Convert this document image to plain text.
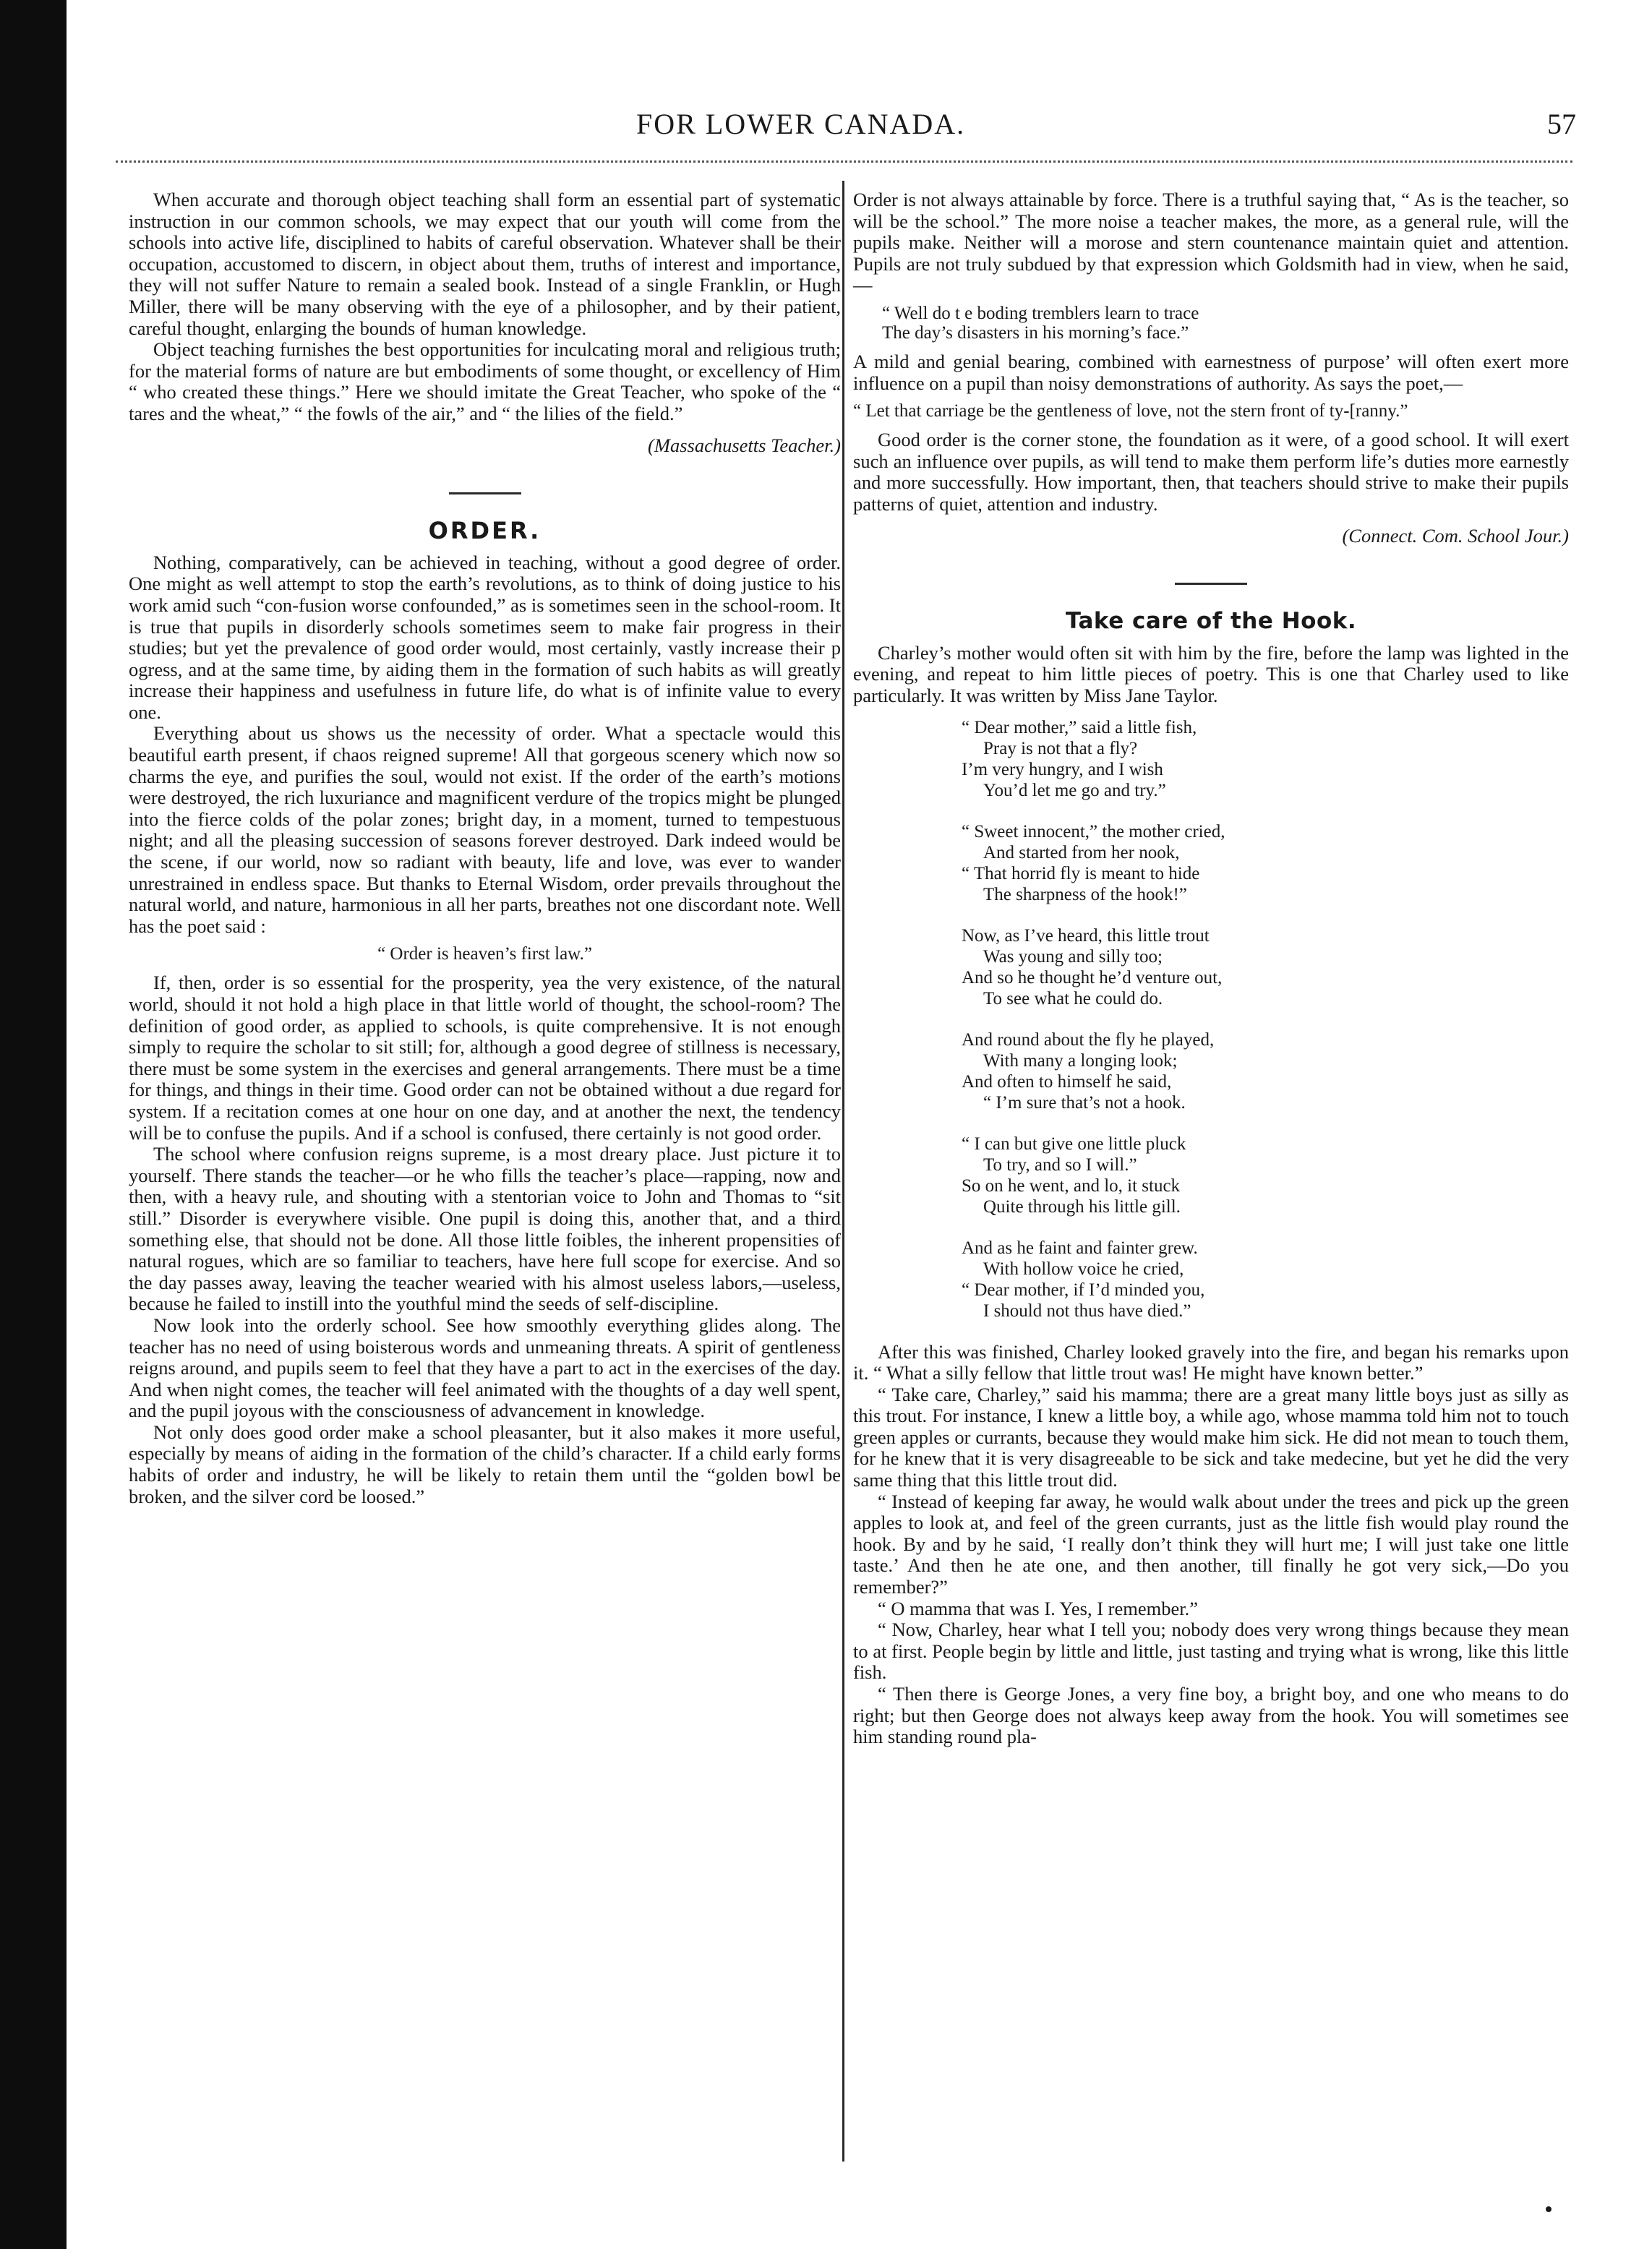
FOR LOWER CANADA.	57

When accurate and thorough object teaching shall form an essential part of systematic instruction in our common schools, we may expect that our youth will come from the schools into active life, disciplined to habits of careful observation. Whatever shall be their occupation, accustomed to discern, in object about them, truths of interest and importance, they will not suffer Nature to remain a sealed book. Instead of a single Franklin, or Hugh Miller, there will be many observing with the eye of a philosopher, and by their patient, careful thought, enlarging the bounds of human knowledge.

Object teaching furnishes the best opportunities for inculcating moral and religious truth; for the material forms of nature are but embodiments of some thought, or excellency of Him “ who created these things.” Here we should imitate the Great Teacher, who spoke of the “ tares and the wheat,” “ the fowls of the air,” and “ the lilies of the field.”

(Massachusetts Teacher.)

ORDER.

Nothing, comparatively, can be achieved in teaching, without a good degree of order. One might as well attempt to stop the earth’s revolutions, as to think of doing justice to his work amid such “con-fusion worse confounded,” as is sometimes seen in the school-room. It is true that pupils in disorderly schools sometimes seem to make fair progress in their studies; but yet the prevalence of good order would, most certainly, vastly increase their p ogress, and at the same time, by aiding them in the formation of such habits as will greatly increase their happiness and usefulness in future life, do what is of infinite value to every one.

Everything about us shows us the necessity of order. What a spectacle would this beautiful earth present, if chaos reigned supreme! All that gorgeous scenery which now so charms the eye, and purifies the soul, would not exist. If the order of the earth’s motions were destroyed, the rich luxuriance and magnificent verdure of the tropics might be plunged into the fierce colds of the polar zones; bright day, in a moment, turned to tempestuous night; and all the pleasing succession of seasons forever destroyed. Dark indeed would be the scene, if our world, now so radiant with beauty, life and love, was ever to wander unrestrained in endless space. But thanks to Eternal Wisdom, order prevails throughout the natural world, and nature, harmonious in all her parts, breathes not one discordant note. Well has the poet said :

“ Order is heaven’s first law.”

If, then, order is so essential for the prosperity, yea the very existence, of the natural world, should it not hold a high place in that little world of thought, the school-room? The definition of good order, as applied to schools, is quite comprehensive. It is not enough simply to require the scholar to sit still; for, although a good degree of stillness is necessary, there must be some system in the exercises and general arrangements. There must be a time for things, and things in their time. Good order can not be obtained without a due regard for system. If a recitation comes at one hour on one day, and at another the next, the tendency will be to confuse the pupils. And if a school is confused, there certainly is not good order.

The school where confusion reigns supreme, is a most dreary place. Just picture it to yourself. There stands the teacher—or he who fills the teacher’s place—rapping, now and then, with a heavy rule, and shouting with a stentorian voice to John and Thomas to “sit still.” Disorder is everywhere visible. One pupil is doing this, another that, and a third something else, that should not be done. All those little foibles, the inherent propensities of natural rogues, which are so familiar to teachers, have here full scope for exercise. And so the day passes away, leaving the teacher wearied with his almost useless labors,—useless, because he failed to instill into the youthful mind the seeds of self-discipline.

Now look into the orderly school. See how smoothly everything glides along. The teacher has no need of using boisterous words and unmeaning threats. A spirit of gentleness reigns around, and pupils seem to feel that they have a part to act in the exercises of the day. And when night comes, the teacher will feel animated with the thoughts of a day well spent, and the pupil joyous with the consciousness of advancement in knowledge.

Not only does good order make a school pleasanter, but it also makes it more useful, especially by means of aiding in the formation of the child’s character. If a child early forms habits of order and industry, he will be likely to retain them until the “golden bowl be broken, and the silver cord be loosed.”

Order is not always attainable by force. There is a truthful saying that, “ As is the teacher, so will be the school.” The more noise a teacher makes, the more, as a general rule, will the pupils make. Neither will a morose and stern countenance maintain quiet and attention. Pupils are not truly subdued by that expression which Goldsmith had in view, when he said,—

“ Well do t e boding tremblers learn to trace
The day’s disasters in his morning’s face.”

A mild and genial bearing, combined with earnestness of purpose’ will often exert more influence on a pupil than noisy demonstrations of authority. As says the poet,—

“ Let that carriage be the gentleness of love, not the stern front of ty-[ranny.”

Good order is the corner stone, the foundation as it were, of a good school. It will exert such an influence over pupils, as will tend to make them perform life’s duties more earnestly and more successfully. How important, then, that teachers should strive to make their pupils patterns of quiet, attention and industry.

(Connect. Com. School Jour.)

Take care of the Hook.

Charley’s mother would often sit with him by the fire, before the lamp was lighted in the evening, and repeat to him little pieces of poetry. This is one that Charley used to like particularly. It was written by Miss Jane Taylor.

“ Dear mother,” said a little fish,
Pray is not that a fly?
I’m very hungry, and I wish
You’d let me go and try.”
“ Sweet innocent,” the mother cried,
And started from her nook,
“ That horrid fly is meant to hide
The sharpness of the hook!”
Now, as I’ve heard, this little trout
Was young and silly too;
And so he thought he’d venture out,
To see what he could do.
And round about the fly he played,
With many a longing look;
And often to himself he said,
“ I’m sure that’s not a hook.
“ I can but give one little pluck
To try, and so I will.”
So on he went, and lo, it stuck
Quite through his little gill.
And as he faint and fainter grew.
With hollow voice he cried,
“ Dear mother, if I’d minded you,
I should not thus have died.”

After this was finished, Charley looked gravely into the fire, and began his remarks upon it. “ What a silly fellow that little trout was! He might have known better.”

“ Take care, Charley,” said his mamma; there are a great many little boys just as silly as this trout. For instance, I knew a little boy, a while ago, whose mamma told him not to touch green apples or currants, because they would make him sick. He did not mean to touch them, for he knew that it is very disagreeable to be sick and take medecine, but yet he did the very same thing that this little trout did.

“ Instead of keeping far away, he would walk about under the trees and pick up the green apples to look at, and feel of the green currants, just as the little fish would play round the hook. By and by he said, ‘I really don’t think they will hurt me; I will just take one little taste.’ And then he ate one, and then another, till finally he got very sick,—Do you remember?”

“ O mamma that was I. Yes, I remember.”

“ Now, Charley, hear what I tell you; nobody does very wrong things because they mean to at first. People begin by little and little, just tasting and trying what is wrong, like this little fish.

“ Then there is George Jones, a very fine boy, a bright boy, and one who means to do right; but then George does not always keep away from the hook. You will sometimes see him standing round pla-
